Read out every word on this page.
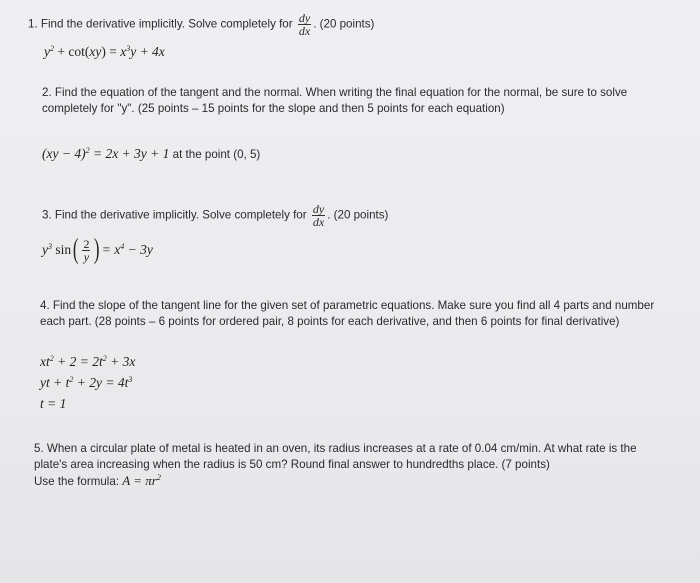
1. Find the derivative implicitly. Solve completely for $\frac{dy}{dx}$ . (20 points)
$y^2 + \cot(xy) = x^3y + 4x$
2. Find the equation of the tangent and the normal. When writing the final equation for the normal, be sure to solve
completely for "y". (25 points – 15 points for the slope and then 5 points for each equation)
(xy − 4)$^2$ = 2x + 3y + 1 at the point (0, 5)
3. Find the derivative implicitly. Solve completely for $\frac{dy}{dx}$ . (20 points)
$y^3$ $\sin( \frac{2}{y}$ )= $x^4 - 3y$
4. Find the slope of the tangent line for the given set of parametric equations. Make sure you find all 4 parts and number
each part. (28 points – 6 points for ordered pair, 8 points for each derivative, and then 6 points for final derivative)
$xt^2 + 2 = 2t^2 + 3x$
yt + $t^2 + 2y = 4t^3$
t = 1
5. When a circular plate of metal is heated in an oven, its radius increases at a rate of 0.04 cm/min. At what rate is the
plate's area increasing when the radius is 50 cm? Round final answer to hundredths place. (7 points)
Use the formula: $A = \pi r^2$
